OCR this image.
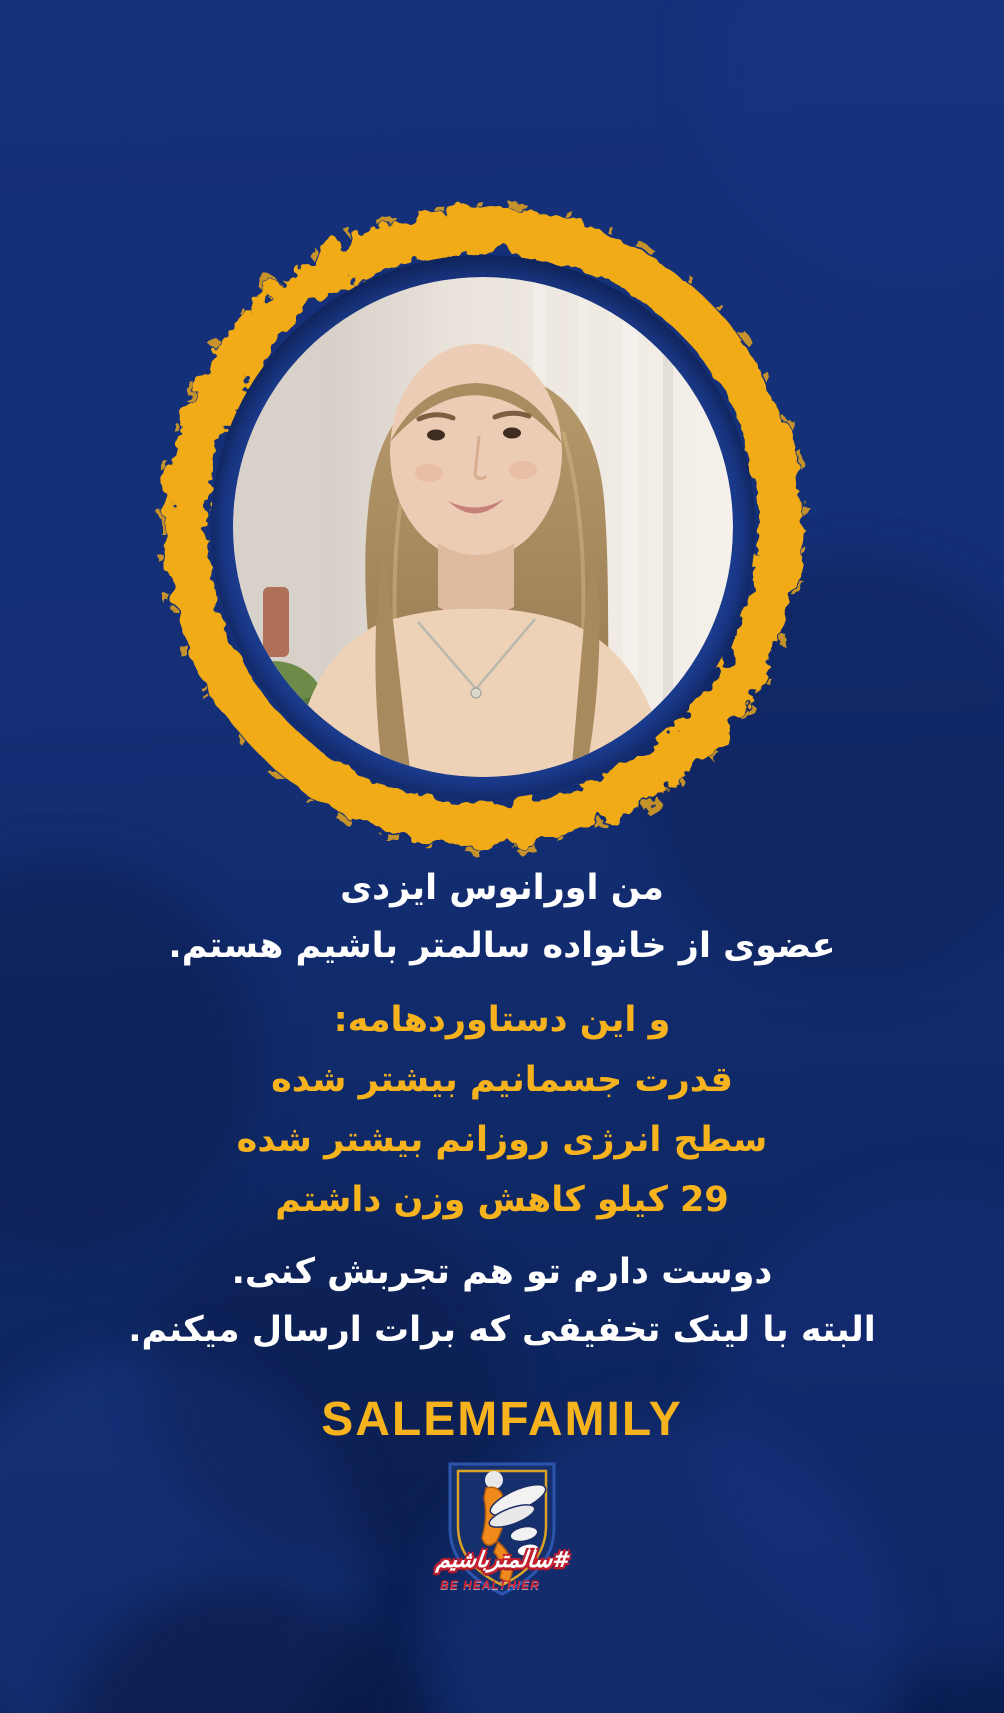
من اورانوس ایزدی
عضوی از خانواده سالمتر باشیم هستم.
و این دستاوردهامه:
قدرت جسمانیم بیشتر شده
سطح انرژی روزانم بیشتر شده
29 کیلو کاهش وزن داشتم
دوست دارم تو هم تجربش کنی.
البته با لینک تخفیفی که برات ارسال میکنم.
SALEMFAMILY
#سالمترباشیم
BE HEALTHIER
